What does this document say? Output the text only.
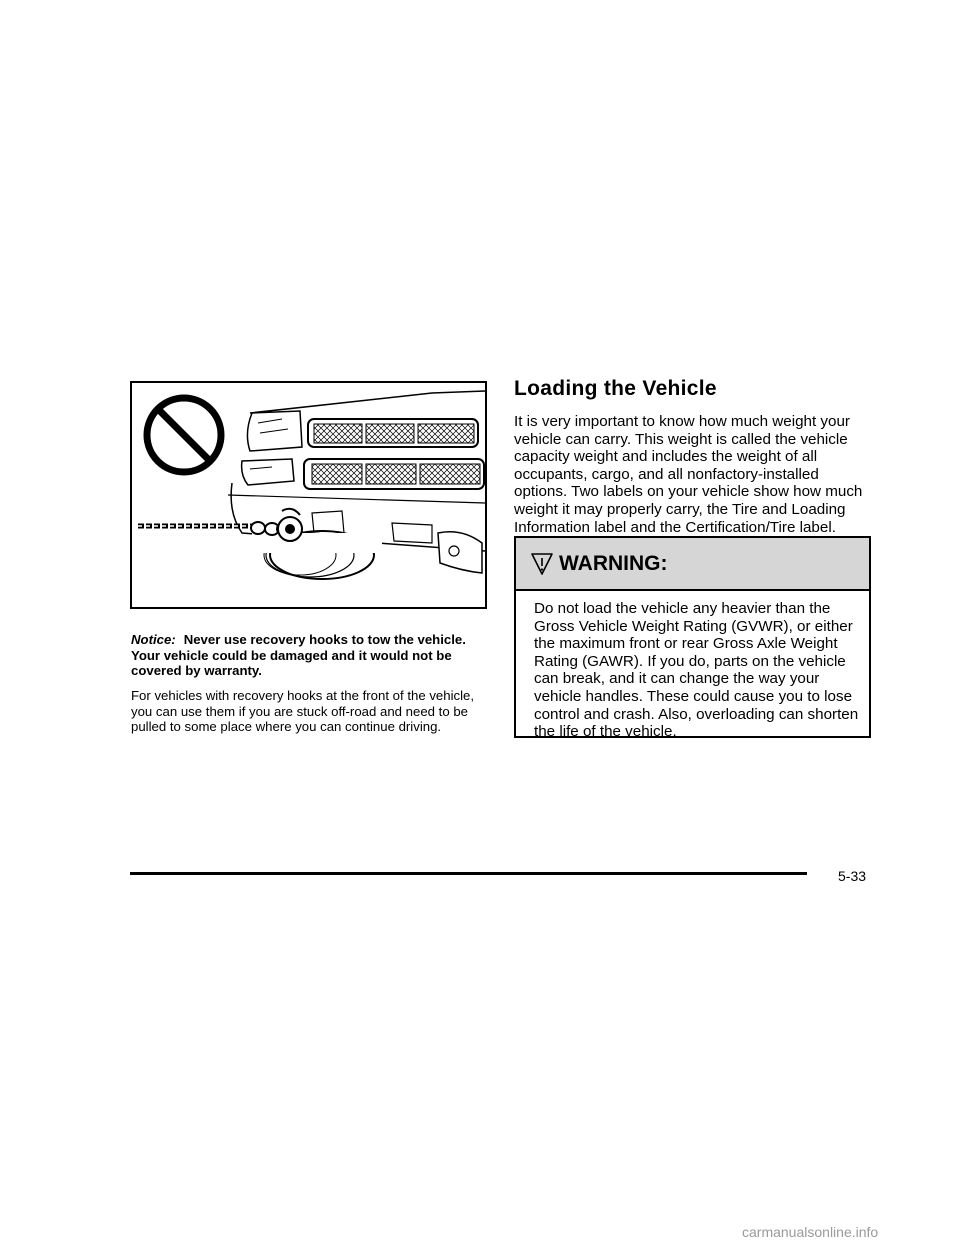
Notice: Never use recovery hooks to tow the vehicle. Your vehicle could be damaged and it would not be covered by warranty.
For vehicles with recovery hooks at the front of the vehicle, you can use them if you are stuck off-road and need to be pulled to some place where you can continue driving.
Loading the Vehicle
It is very important to know how much weight your vehicle can carry. This weight is called the vehicle capacity weight and includes the weight of all occupants, cargo, and all nonfactory-installed options. Two labels on your vehicle show how much weight it may properly carry, the Tire and Loading Information label and the Certification/Tire label.
WARNING:
Do not load the vehicle any heavier than the Gross Vehicle Weight Rating (GVWR), or either the maximum front or rear Gross Axle Weight Rating (GAWR). If you do, parts on the vehicle can break, and it can change the way your vehicle handles. These could cause you to lose control and crash. Also, overloading can shorten the life of the vehicle.
5-33
carmanualsonline.info
